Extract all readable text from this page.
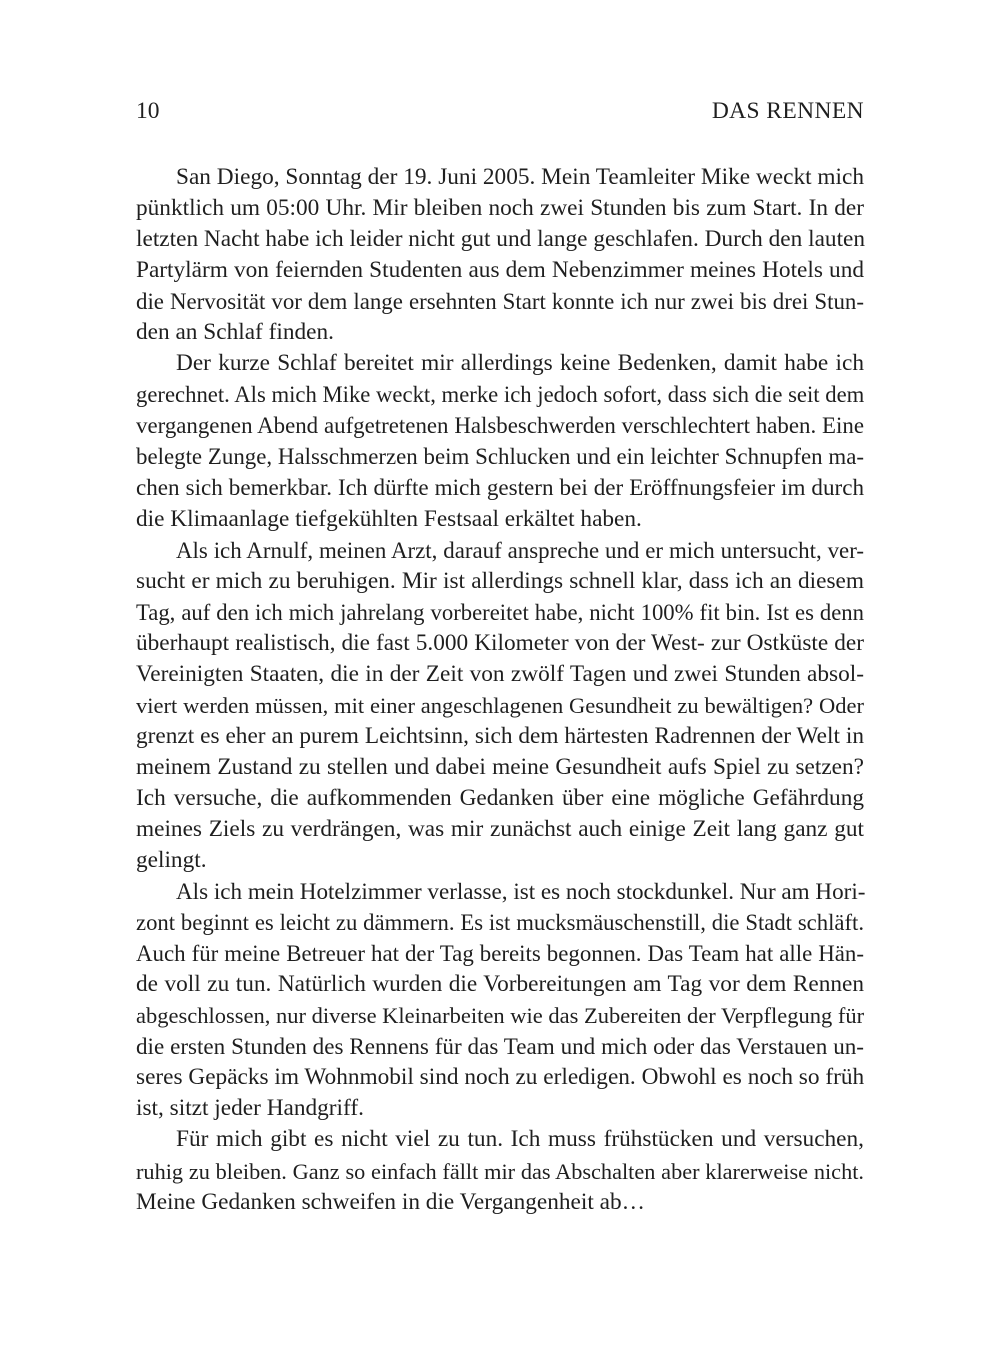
10	DAS RENNEN
San Diego, Sonntag der 19. Juni 2005. Mein Teamleiter Mike weckt mich
pünktlich um 05:00 Uhr. Mir bleiben noch zwei Stunden bis zum Start. In der
letzten Nacht habe ich leider nicht gut und lange geschlafen. Durch den lauten
Partylärm von feiernden Studenten aus dem Nebenzimmer meines Hotels und
die Nervosität vor dem lange ersehnten Start konnte ich nur zwei bis drei Stun-
den an Schlaf finden.
Der kurze Schlaf bereitet mir allerdings keine Bedenken, damit habe ich
gerechnet. Als mich Mike weckt, merke ich jedoch sofort, dass sich die seit dem
vergangenen Abend aufgetretenen Halsbeschwerden verschlechtert haben. Eine
belegte Zunge, Halsschmerzen beim Schlucken und ein leichter Schnupfen ma-
chen sich bemerkbar. Ich dürfte mich gestern bei der Eröffnungsfeier im durch
die Klimaanlage tiefgekühlten Festsaal erkältet haben.
Als ich Arnulf, meinen Arzt, darauf anspreche und er mich untersucht, ver-
sucht er mich zu beruhigen. Mir ist allerdings schnell klar, dass ich an diesem
Tag, auf den ich mich jahrelang vorbereitet habe, nicht 100% fit bin. Ist es denn
überhaupt realistisch, die fast 5.000 Kilometer von der West- zur Ostküste der
Vereinigten Staaten, die in der Zeit von zwölf Tagen und zwei Stunden absol-
viert werden müssen, mit einer angeschlagenen Gesundheit zu bewältigen? Oder
grenzt es eher an purem Leichtsinn, sich dem härtesten Radrennen der Welt in
meinem Zustand zu stellen und dabei meine Gesundheit aufs Spiel zu setzen?
Ich versuche, die aufkommenden Gedanken über eine mögliche Gefährdung
meines Ziels zu verdrängen, was mir zunächst auch einige Zeit lang ganz gut
gelingt.
Als ich mein Hotelzimmer verlasse, ist es noch stockdunkel. Nur am Hori-
zont beginnt es leicht zu dämmern. Es ist mucksmäuschenstill, die Stadt schläft.
Auch für meine Betreuer hat der Tag bereits begonnen. Das Team hat alle Hän-
de voll zu tun. Natürlich wurden die Vorbereitungen am Tag vor dem Rennen
abgeschlossen, nur diverse Kleinarbeiten wie das Zubereiten der Verpflegung für
die ersten Stunden des Rennens für das Team und mich oder das Verstauen un-
seres Gepäcks im Wohnmobil sind noch zu erledigen. Obwohl es noch so früh
ist, sitzt jeder Handgriff.
Für mich gibt es nicht viel zu tun. Ich muss frühstücken und versuchen,
ruhig zu bleiben. Ganz so einfach fällt mir das Abschalten aber klarerweise nicht.
Meine Gedanken schweifen in die Vergangenheit ab…
